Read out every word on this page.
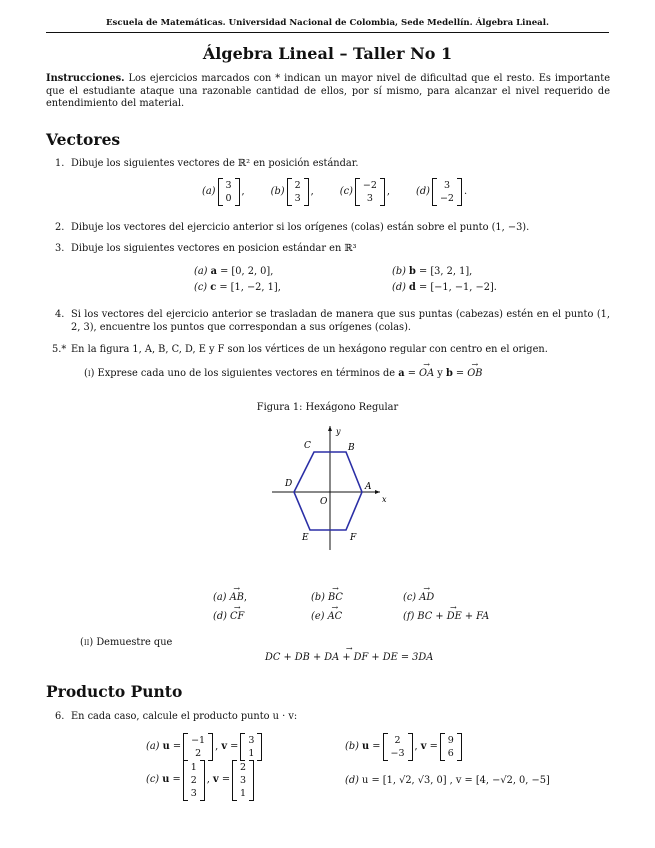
Escuela de Matemáticas. Universidad Nacional de Colombia, Sede Medellín. Álgebra Lineal.
Álgebra Lineal – Taller No 1
Instrucciones. Los ejercicios marcados con * indican un mayor nivel de dificultad que el resto. Es importante que el estudiante ataque una razonable cantidad de ellos, por sí mismo, para alcanzar el nivel requerido de entendimiento del material.
Vectores
1. Dibuje los siguientes vectores de ℝ² en posición estándar.
(a)
3
0
,	(b)
2
3
,	(c)
−2
3
,	(d)
3
−2
.
2. Dibuje los vectores del ejercicio anterior si los orígenes (colas) están sobre el punto (1, −3).
3. Dibuje los siguientes vectores en posicion estándar en ℝ³
(a) a = [0, 2, 0],	(b) b = [3, 2, 1],
(c) c = [1, −2, 1],	(d) d = [−1, −1, −2].
4. Si los vectores del ejercicio anterior se trasladan de manera que sus puntas (cabezas) estén en el punto (1, 2, 3), encuentre los puntos que correspondan a sus orígenes (colas).
5.* En la figura 1, A, B, C, D, E y F son los vértices de un hexágono regular con centro en el origen.
(i) Exprese cada uno de los siguientes vectores en términos de a = → OA y b = → OB
Figura 1: Hexágono Regular
A
B
C
D
E	F
O	x
y
(a) → AB,	(b) → BC	(c) → AD
(d) → CF	(e) → AC	(f) → BC + DE + FA
(ii) Demuestre que
→ DC + DB + DA + DF + DE = 3DA
Producto Punto
6. En cada caso, calcule el producto punto u · v:
(a)
u =
−1
2
, v =
3
1
(b)
u =
2
−3
, v =
9
6
(c)
u =
1
2
3
, v =
2
3
1
(d) u = [1, √2, √3, 0] , v = [4, −√2, 0, −5]
